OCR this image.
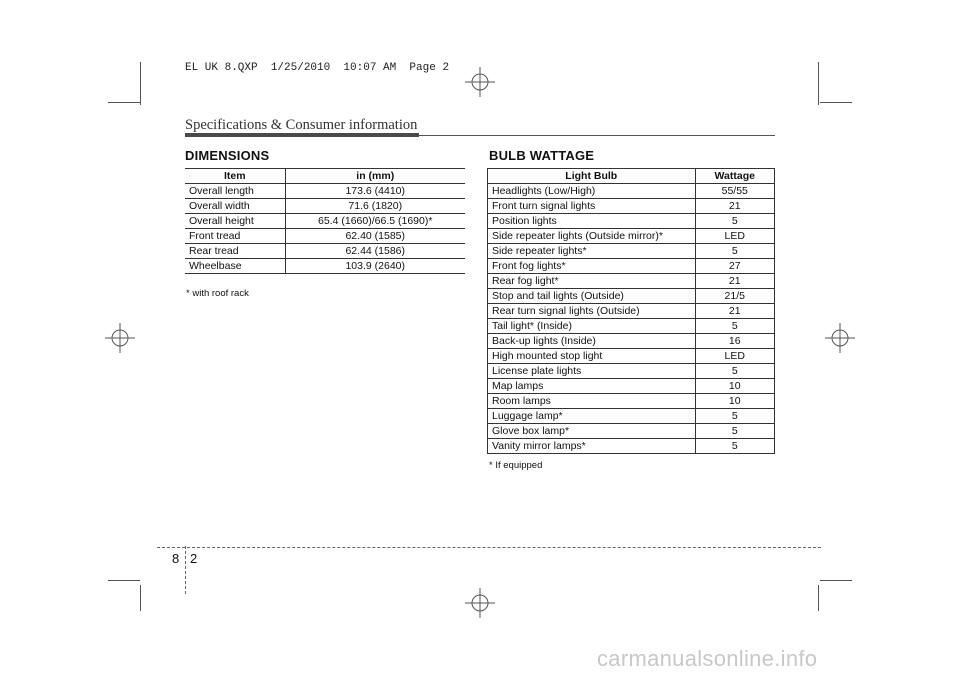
EL UK 8.QXP  1/25/2010  10:07 AM  Page 2
Specifications & Consumer information
DIMENSIONS
Item	in (mm)
Overall length	173.6 (4410)
Overall width	71.6 (1820)
Overall height	65.4 (1660)/66.5 (1690)*
Front tread	62.40 (1585)
Rear tread	62.44 (1586)
Wheelbase	103.9 (2640)
* with roof rack
BULB WATTAGE
Light Bulb	Wattage
Headlights (Low/High)	55/55
Front turn signal lights	21
Position lights	5
Side repeater lights (Outside mirror)*	LED
Side repeater lights*	5
Front fog lights*	27
Rear fog light*	21
Stop and tail lights (Outside)	21/5
Rear turn signal lights (Outside)	21
Tail light* (Inside)	5
Back-up lights (Inside)	16
High mounted stop light	LED
License plate lights	5
Map lamps	10
Room lamps	10
Luggage lamp*	5
Glove box lamp*	5
Vanity mirror lamps*	5
* If equipped
8 2
carmanualsonline.info
